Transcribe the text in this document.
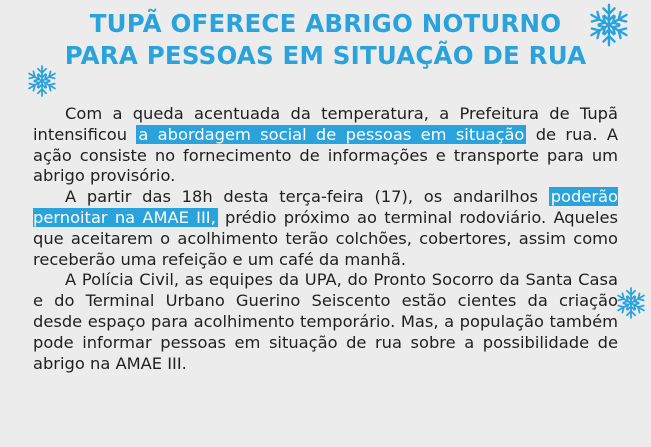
TUPÃ OFERECE ABRIGO NOTURNO
PARA PESSOAS EM SITUAÇÃO DE RUA

Com a queda acentuada da temperatura, a Prefeitura de Tupã intensificou a abordagem social de pessoas em situação de rua. A ação consiste no fornecimento de informações e transporte para um abrigo provisório.

A partir das 18h desta terça-feira (17), os andarilhos poderão pernoitar na AMAE III, prédio próximo ao terminal rodoviário. Aqueles que aceitarem o acolhimento terão colchões, cobertores, assim como receberão uma refeição e um café da manhã.

A Polícia Civil, as equipes da UPA, do Pronto Socorro da Santa Casa e do Terminal Urbano Guerino Seiscento estão cientes da criação desde espaço para acolhimento temporário. Mas, a população também pode informar pessoas em situação de rua sobre a possibilidade de abrigo na AMAE III.
